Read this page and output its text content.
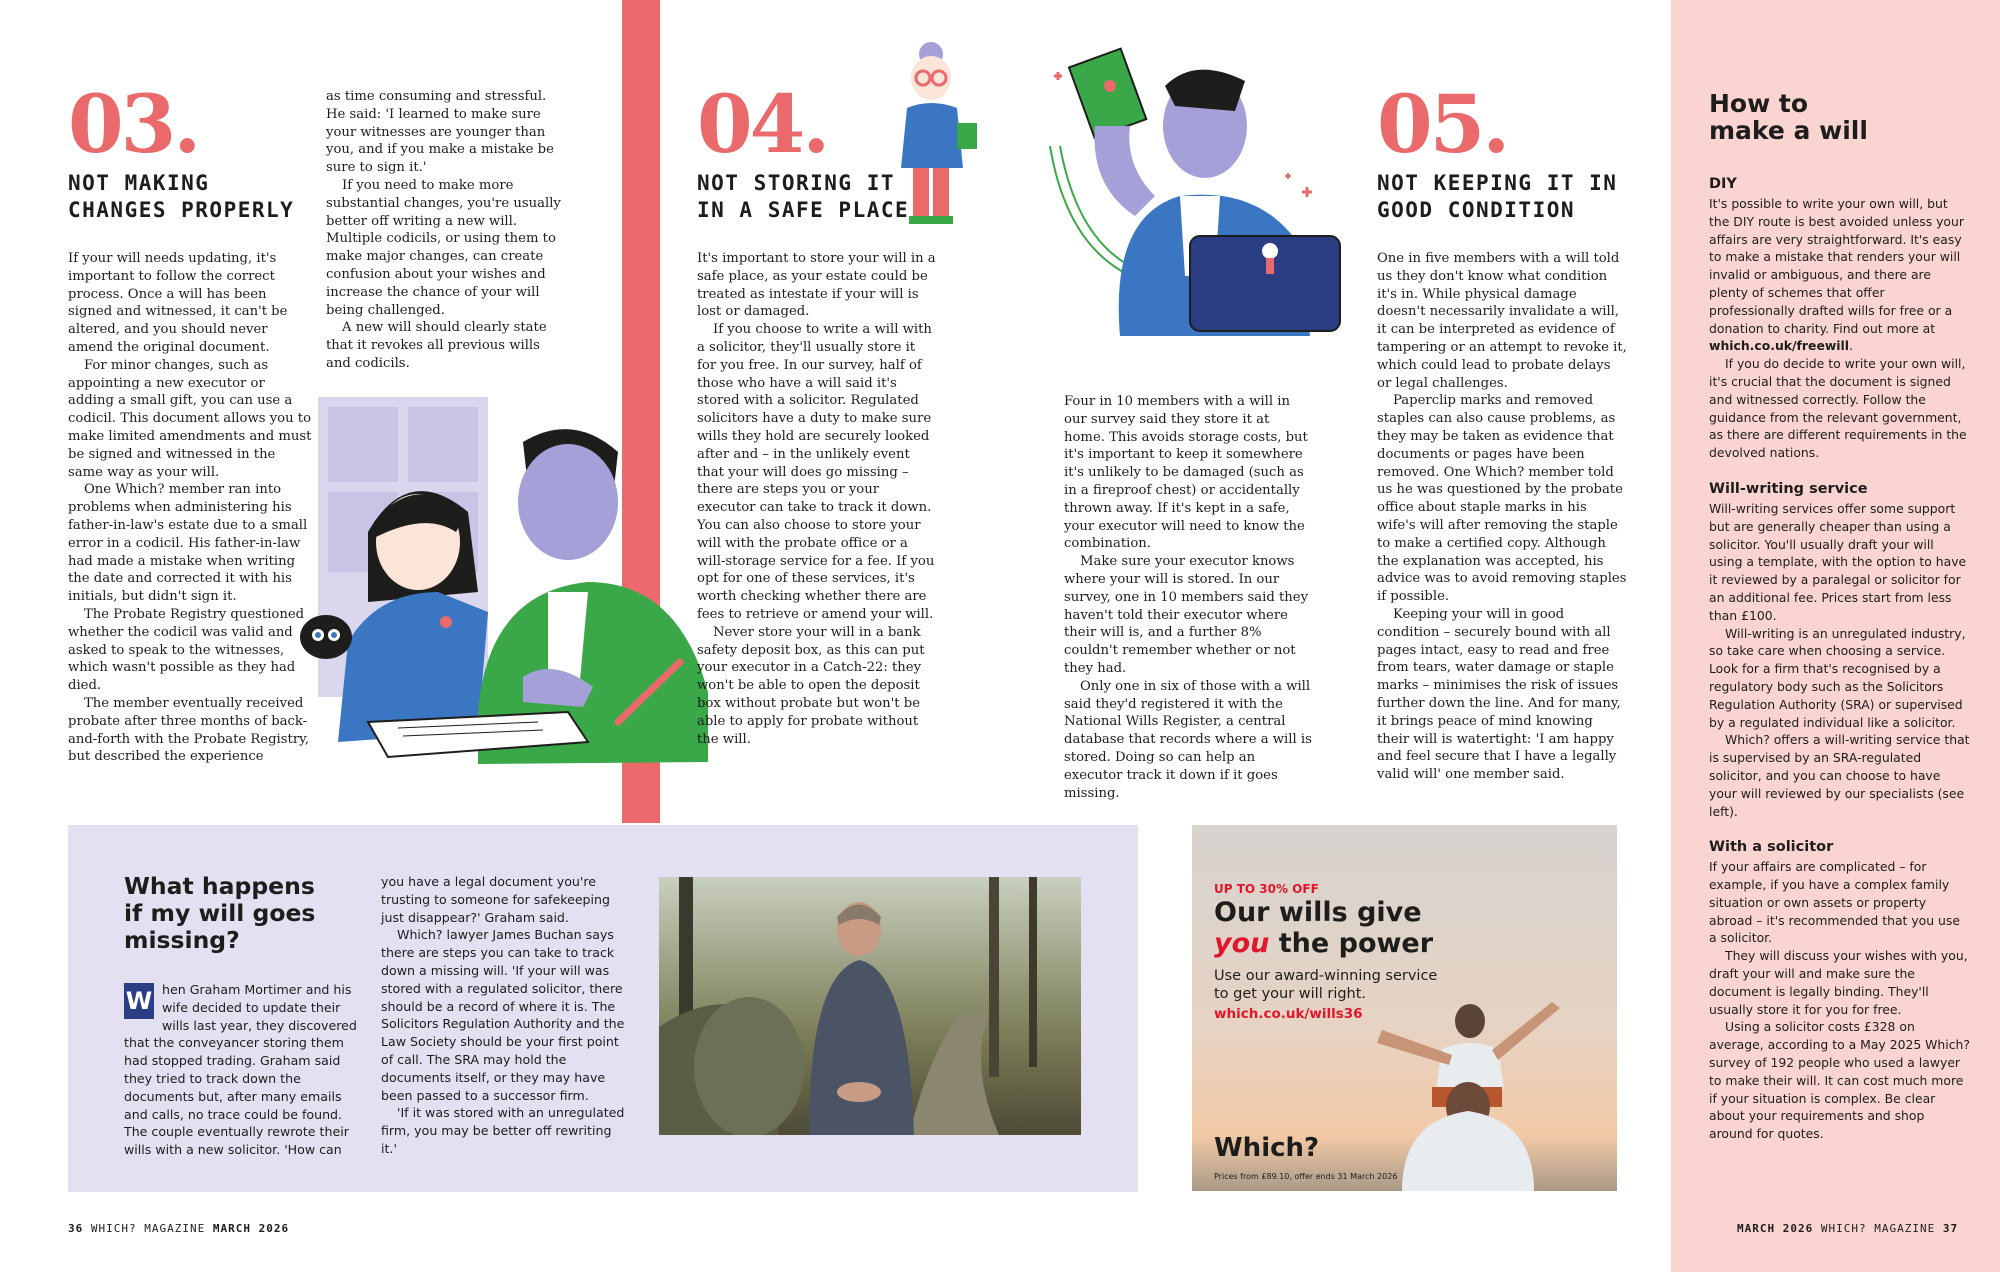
03.
NOT MAKING
CHANGES PROPERLY

If your will needs updating, it's important to follow the correct process. Once a will has been signed and witnessed, it can't be altered, and you should never amend the original document.

For minor changes, such as appointing a new executor or adding a small gift, you can use a codicil. This document allows you to make limited amendments and must be signed and witnessed in the same way as your will.

One Which? member ran into problems when administering his father-in-law's estate due to a small error in a codicil. His father-in-law had made a mistake when writing the date and corrected it with his initials, but didn't sign it.

The Probate Registry questioned whether the codicil was valid and asked to speak to the witnesses, which wasn't possible as they had died.

The member eventually received probate after three months of back-and-forth with the Probate Registry, but described the experience

as time consuming and stressful. He said: 'I learned to make sure your witnesses are younger than you, and if you make a mistake be sure to sign it.'

If you need to make more substantial changes, you're usually better off writing a new will. Multiple codicils, or using them to make major changes, can create confusion about your wishes and increase the chance of your will being challenged.

A new will should clearly state that it revokes all previous wills and codicils.

04.
NOT STORING IT
IN A SAFE PLACE

It's important to store your will in a safe place, as your estate could be treated as intestate if your will is lost or damaged.

If you choose to write a will with a solicitor, they'll usually store it for you free. In our survey, half of those who have a will said it's stored with a solicitor. Regulated solicitors have a duty to make sure wills they hold are securely looked after and – in the unlikely event that your will does go missing – there are steps you or your executor can take to track it down. You can also choose to store your will with the probate office or a will-storage service for a fee. If you opt for one of these services, it's worth checking whether there are fees to retrieve or amend your will.

Never store your will in a bank safety deposit box, as this can put your executor in a Catch-22: they won't be able to open the deposit box without probate but won't be able to apply for probate without the will.

Four in 10 members with a will in our survey said they store it at home. This avoids storage costs, but it's important to keep it somewhere it's unlikely to be damaged (such as in a fireproof chest) or accidentally thrown away. If it's kept in a safe, your executor will need to know the combination.

Make sure your executor knows where your will is stored. In our survey, one in 10 members said they haven't told their executor where their will is, and a further 8% couldn't remember whether or not they had.

Only one in six of those with a will said they'd registered it with the National Wills Register, a central database that records where a will is stored. Doing so can help an executor track it down if it goes missing.

05.
NOT KEEPING IT IN
GOOD CONDITION

One in five members with a will told us they don't know what condition it's in. While physical damage doesn't necessarily invalidate a will, it can be interpreted as evidence of tampering or an attempt to revoke it, which could lead to probate delays or legal challenges.

Paperclip marks and removed staples can also cause problems, as they may be taken as evidence that documents or pages have been removed. One Which? member told us he was questioned by the probate office about staple marks in his wife's will after removing the staple to make a certified copy. Although the explanation was accepted, his advice was to avoid removing staples if possible.

Keeping your will in good condition – securely bound with all pages intact, easy to read and free from tears, water damage or staple marks – minimises the risk of issues further down the line. And for many, it brings peace of mind knowing their will is watertight: 'I am happy and feel secure that I have a legally valid will' one member said.

What happens
if my will goes
missing?
W hen Graham Mortimer and his wife decided to update their wills last year, they discovered that the conveyancer storing them had stopped trading. Graham said they tried to track down the documents but, after many emails and calls, no trace could be found. The couple eventually rewrote their wills with a new solicitor. 'How can

you have a legal document you're trusting to someone for safekeeping just disappear?' Graham said.

Which? lawyer James Buchan says there are steps you can take to track down a missing will. 'If your will was stored with a regulated solicitor, there should be a record of where it is. The Solicitors Regulation Authority and the Law Society should be your first point of call. The SRA may hold the documents itself, or they may have been passed to a successor firm.

'If it was stored with an unregulated firm, you may be better off rewriting it.'

UP TO 30% OFF
Our wills give
you the power
Use our award-winning service
to get your will right.
which.co.uk/wills36
Which?
Prices from £89.10, offer ends 31 March 2026
How to
make a will
DIY

It's possible to write your own will, but the DIY route is best avoided unless your affairs are very straightforward. It's easy to make a mistake that renders your will invalid or ambiguous, and there are plenty of schemes that offer professionally drafted wills for free or a donation to charity. Find out more at which.co.uk/freewill.

If you do decide to write your own will, it's crucial that the document is signed and witnessed correctly. Follow the guidance from the relevant government, as there are different requirements in the devolved nations.

Will-writing service

Will-writing services offer some support but are generally cheaper than using a solicitor. You'll usually draft your will using a template, with the option to have it reviewed by a paralegal or solicitor for an additional fee. Prices start from less than £100.

Will-writing is an unregulated industry, so take care when choosing a service. Look for a firm that's recognised by a regulatory body such as the Solicitors Regulation Authority (SRA) or supervised by a regulated individual like a solicitor.

Which? offers a will-writing service that is supervised by an SRA-regulated solicitor, and you can choose to have your will reviewed by our specialists (see left).

With a solicitor

If your affairs are complicated – for example, if you have a complex family situation or own assets or property abroad – it's recommended that you use a solicitor.

They will discuss your wishes with you, draft your will and make sure the document is legally binding. They'll usually store it for you for free.

Using a solicitor costs £328 on average, according to a May 2025 Which? survey of 192 people who used a lawyer to make their will. It can cost much more if your situation is complex. Be clear about your requirements and shop around for quotes.

36 WHICH? MAGAZINE MARCH 2026	MARCH 2026 WHICH? MAGAZINE 37
